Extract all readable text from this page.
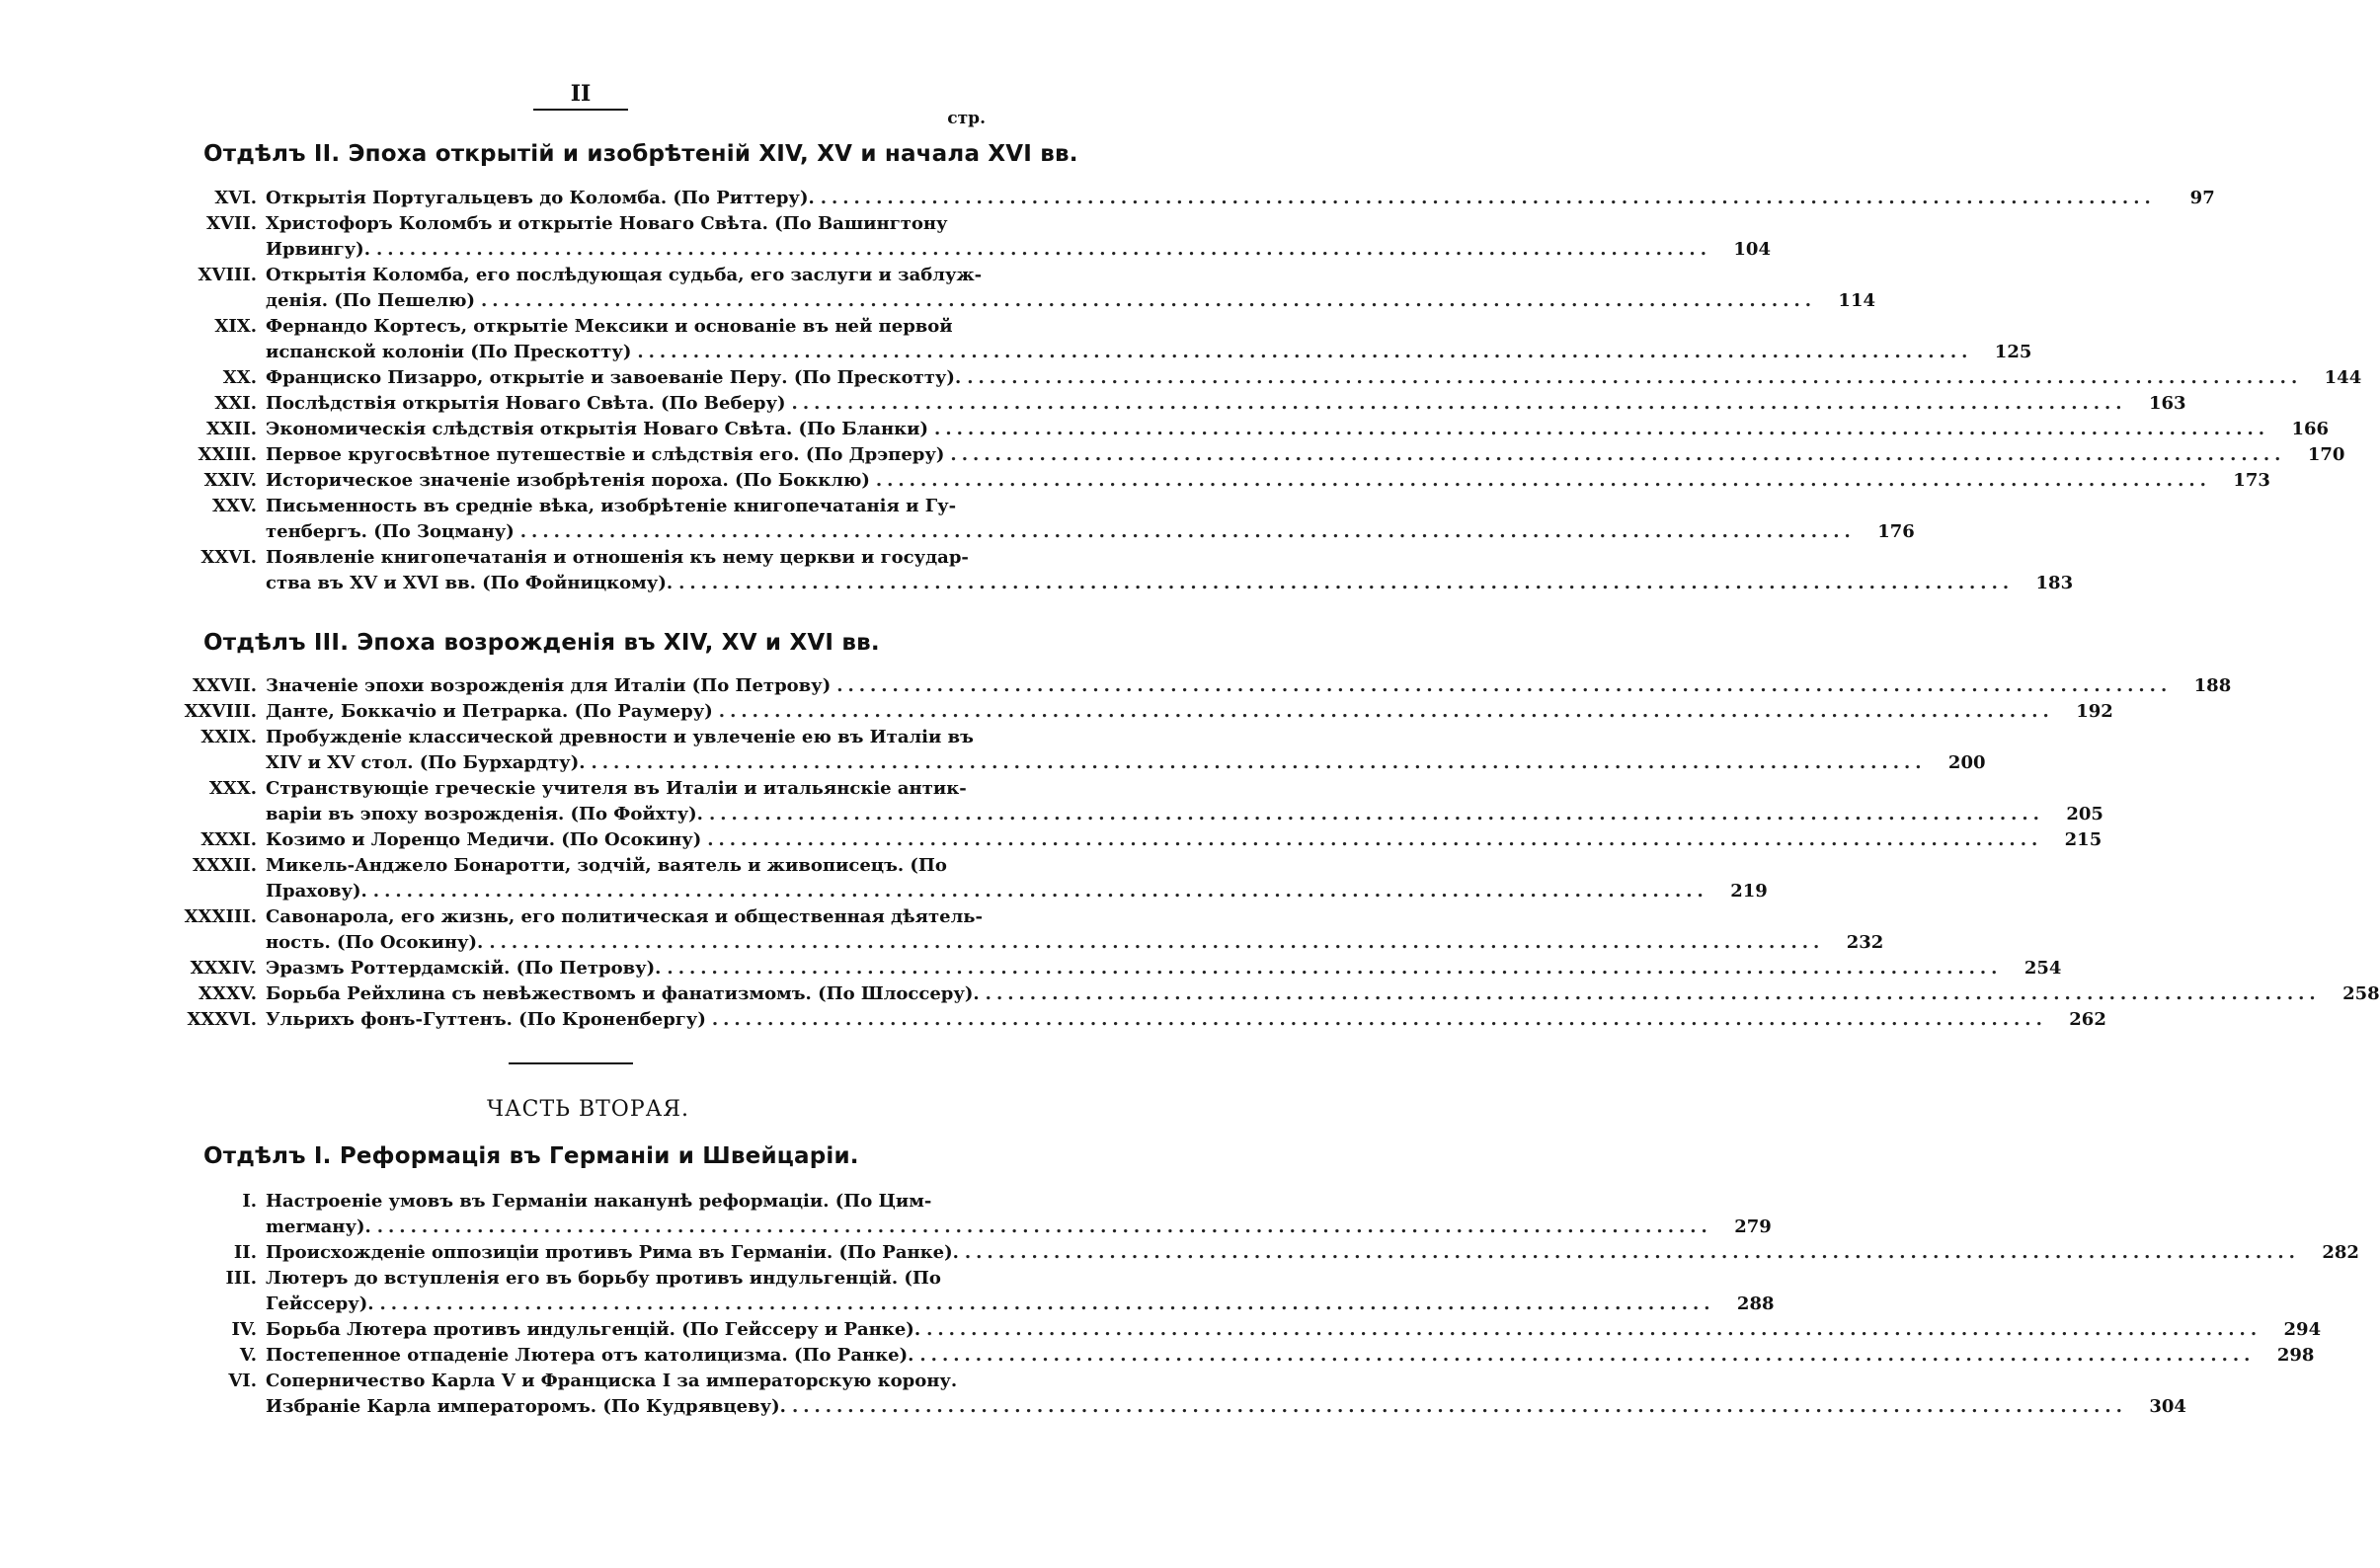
II
стр.
Отдѣлъ II. Эпоха открытій и изобрѣтеній XIV, XV и начала XVI вв.
XVI. Открытія Португальцевъ до Коломба. (По Риттеру). ........................................................................................................................	97
XVII. Христофоръ Коломбъ и открытіе Новаго Свѣта. (По Вашингтону
Ирвингу). ........................................................................................................................	104
XVIII. Открытія Коломба, его послѣдующая судьба, его заслуги и заблуж-
денія. (По Пешелю) ........................................................................................................................	114
XIX. Фернандо Кортесъ, открытіе Мексики и основаніе въ ней первой
испанской колоніи (По Прескотту) ........................................................................................................................	125
XX. Франциско Пизарро, открытіе и завоеваніе Перу. (По Прескотту). ........................................................................................................................	144
XXI. Послѣдствія открытія Новаго Свѣта. (По Веберу) ........................................................................................................................	163
XXII. Экономическія слѣдствія открытія Новаго Свѣта. (По Бланки) ........................................................................................................................	166
XXIII. Первое кругосвѣтное путешествіе и слѣдствія его. (По Дрэперу) ........................................................................................................................	170
XXIV. Историческое значеніе изобрѣтенія пороха. (По Бокклю) ........................................................................................................................	173
XXV. Письменность въ средніе вѣка, изобрѣтеніе книгопечатанія и Гу-
тенбергъ. (По Зоцману) ........................................................................................................................	176
XXVI. Появленіе книгопечатанія и отношенія къ нему церкви и государ-
ства въ XV и XVI вв. (По Фойницкому). ........................................................................................................................	183
Отдѣлъ III. Эпоха возрожденія въ XIV, XV и XVI вв.
XXVII. Значеніе эпохи возрожденія для Италіи (По Петрову) ........................................................................................................................	188
XXVIII. Данте, Боккачіо и Петрарка. (По Раумеру) ........................................................................................................................	192
XXIX. Пробужденіе классической древности и увлеченіе ею въ Италіи въ
XIV и XV стол. (По Бурхардту). ........................................................................................................................	200
XXX. Странствующіе греческіе учителя въ Италіи и итальянскіе антик-
варіи въ эпоху возрожденія. (По Фойхту). ........................................................................................................................	205
XXXI. Козимо и Лоренцо Медичи. (По Осокину) ........................................................................................................................	215
XXXII. Микель-Анджело Бонаротти, зодчій, ваятель и живописецъ. (По
Прахову). ........................................................................................................................	219
XXXIII. Савонарола, его жизнь, его политическая и общественная дѣятель-
ность. (По Осокину). ........................................................................................................................	232
XXXIV. Эразмъ Роттердамскій. (По Петрову). ........................................................................................................................	254
XXXV. Борьба Рейхлина съ невѣжествомъ и фанатизмомъ. (По Шлоссеру). ........................................................................................................................	258
XXXVI. Ульрихъ фонъ-Гуттенъ. (По Кроненбергу) ........................................................................................................................	262
ЧАСТЬ ВТОРАЯ.
Отдѣлъ I. Реформація въ Германіи и Швейцаріи.
I. Настроеніе умовъ въ Германіи наканунѣ реформаціи. (По Цим-
merману). ........................................................................................................................	279
II. Происхожденіе оппозиціи противъ Рима въ Германіи. (По Ранке). ........................................................................................................................	282
III. Лютеръ до вступленія его въ борьбу противъ индульгенцій. (По
Гейссеру). ........................................................................................................................	288
IV. Борьба Лютера противъ индульгенцій. (По Гейссеру и Ранке). ........................................................................................................................	294
V. Постепенное отпаденіе Лютера отъ католицизма. (По Ранке). ........................................................................................................................	298
VI. Соперничество Карла V и Франциска I за императорскую корону.
Избраніе Карла императоромъ. (По Кудрявцеву). ........................................................................................................................	304
